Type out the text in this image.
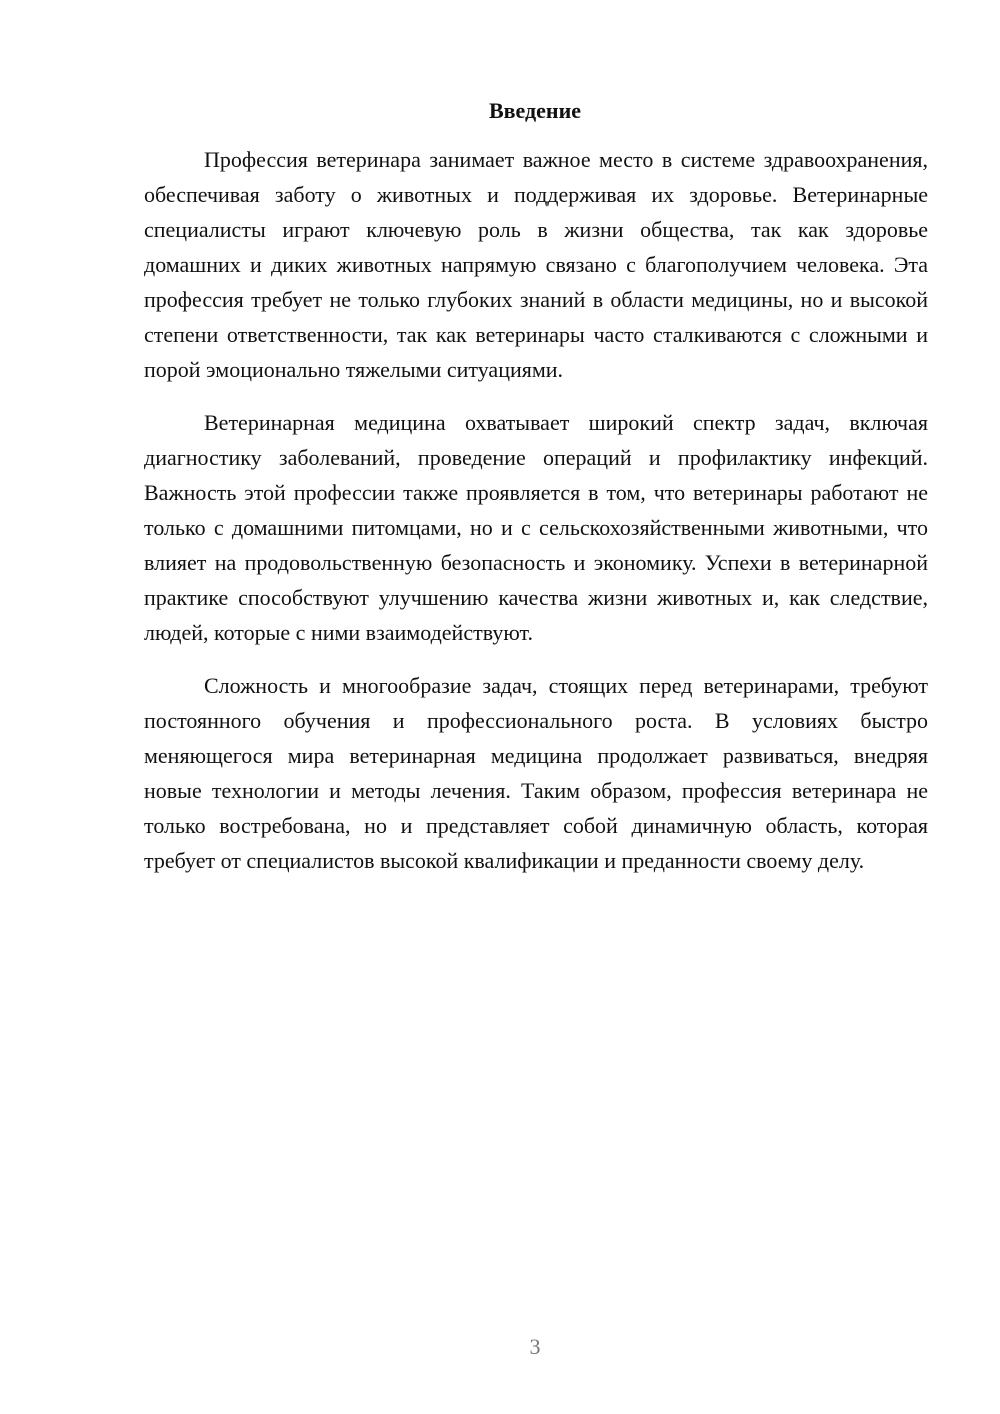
Введение

Профессия ветеринара занимает важное место в системе здравоохранения, обеспечивая заботу о животных и поддерживая их здоровье. Ветеринарные специалисты играют ключевую роль в жизни общества, так как здоровье домашних и диких животных напрямую связано с благополучием человека. Эта профессия требует не только глубоких знаний в области медицины, но и высокой степени ответственности, так как ветеринары часто сталкиваются с сложными и порой эмоционально тяжелыми ситуациями.

Ветеринарная медицина охватывает широкий спектр задач, включая диагностику заболеваний, проведение операций и профилактику инфекций. Важность этой профессии также проявляется в том, что ветеринары работают не только с домашними питомцами, но и с сельскохозяйственными животными, что влияет на продовольственную безопасность и экономику. Успехи в ветеринарной практике способствуют улучшению качества жизни животных и, как следствие, людей, которые с ними взаимодействуют.

Сложность и многообразие задач, стоящих перед ветеринарами, требуют постоянного обучения и профессионального роста. В условиях быстро меняющегося мира ветеринарная медицина продолжает развиваться, внедряя новые технологии и методы лечения. Таким образом, профессия ветеринара не только востребована, но и представляет собой динамичную область, которая требует от специалистов высокой квалификации и преданности своему делу.

3
